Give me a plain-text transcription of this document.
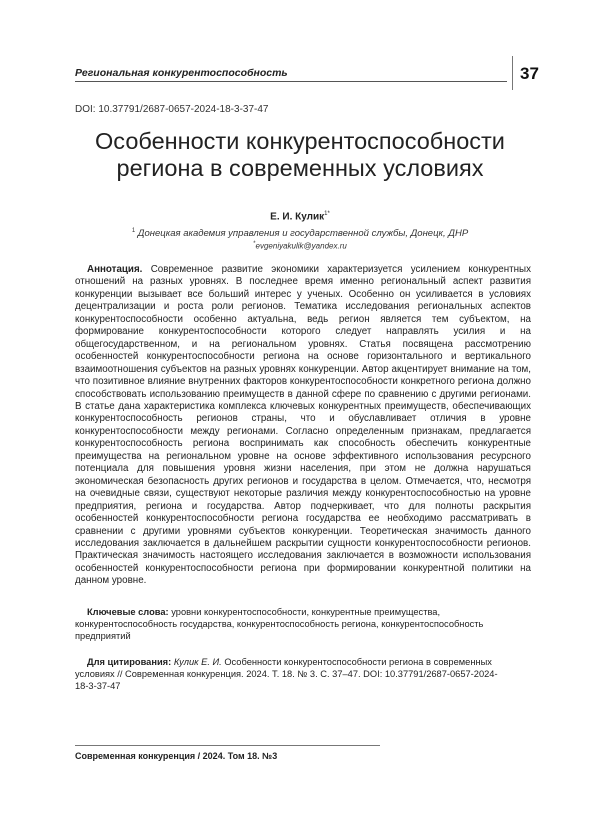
Региональная конкурентоспособность	37
DOI: 10.37791/2687-0657-2024-18-3-37-47
Особенности конкурентоспособности
региона в современных условиях
Е. И. Кулик$^{1*}$
$^1$ Донецкая академия управления и государственной службы, Донецк, ДНР
*evgeniyakulik@yandex.ru

Аннотация. Современное развитие экономики характеризуется усилением конкурентных отношений на разных уровнях. В последнее время именно региональный аспект развития конкуренции вызывает все больший интерес у ученых. Особенно он усиливается в условиях децентрализации и роста роли регионов. Тематика исследования региональных аспектов конкурентоспособности особенно актуальна, ведь регион является тем субъектом, на формирование конкурентоспособности которого следует направлять усилия и на общегосударственном, и на региональном уровнях. Статья посвящена рассмотрению особенностей конкурентоспособности региона на основе горизонтального и вертикального взаимоотношения субъектов на разных уровнях конкуренции. Автор акцентирует внимание на том, что позитивное влияние внутренних факторов конкурентоспособности конкретного региона должно способствовать использованию преимуществ в данной сфере по сравнению с другими регионами. В статье дана характеристика комплекса ключевых конкурентных преимуществ, обеспечивающих конкурентоспособность регионов страны, что и обуславливает отличия в уровне конкурентоспособности между регионами. Согласно определенным признакам, предлагается конкурентоспособность региона воспринимать как способность обеспечить конкурентные преимущества на региональном уровне на основе эффективного использования ресурсного потенциала для повышения уровня жизни населения, при этом не должна нарушаться экономическая безопасность других регионов и государства в целом. Отмечается, что, несмотря на очевидные связи, существуют некоторые различия между конкурентоспособностью на уровне предприятия, региона и государства. Автор подчеркивает, что для полноты раскрытия особенностей конкурентоспособности региона государства ее необходимо рассматривать в сравнении с другими уровнями субъектов конкуренции. Теоретическая значимость данного исследования заключается в дальнейшем раскрытии сущности конкурентоспособности регионов. Практическая значимость настоящего исследования заключается в возможности использования особенностей конкурентоспособности региона при формировании конкурентной политики на данном уровне.

Ключевые слова: уровни конкурентоспособности, конкурентные преимущества, конкурентоспособность государства, конкурентоспособность региона, конкурентоспособность предприятий

Для цитирования: Кулик Е. И. Особенности конкурентоспособности региона в современных условиях // Современная конкуренция. 2024. Т. 18. № 3. С. 37–47. DOI: 10.37791/2687-0657-2024-18-3-37-47

Современная конкуренция / 2024. Том 18. №3
